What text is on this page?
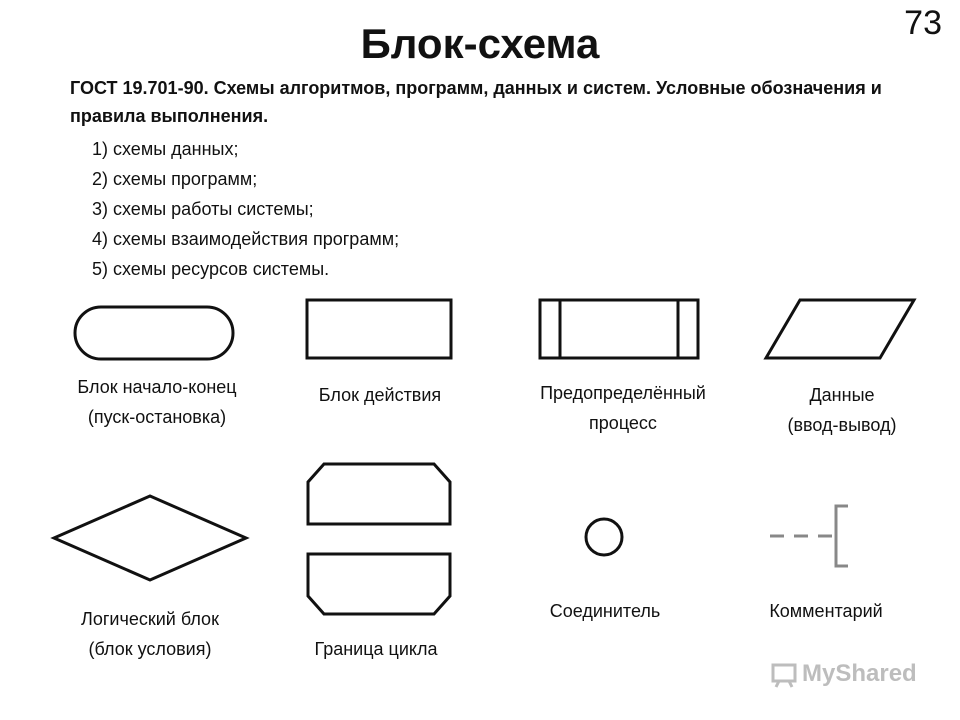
73
Блок-схема
ГОСТ 19.701-90. Схемы алгоритмов, программ, данных и систем. Условные обозначения и правила выполнения.
1) схемы данных;
2) схемы программ;
3) схемы работы системы;
4) схемы взаимодействия программ;
5) схемы ресурсов системы.
Блок начало-конец
(пуск-остановка)
Блок действия	Предопределённый
процесс
Данные
(ввод-вывод)
Логический блок
(блок условия)	Граница цикла
Соединитель	Комментарий
MyShared
